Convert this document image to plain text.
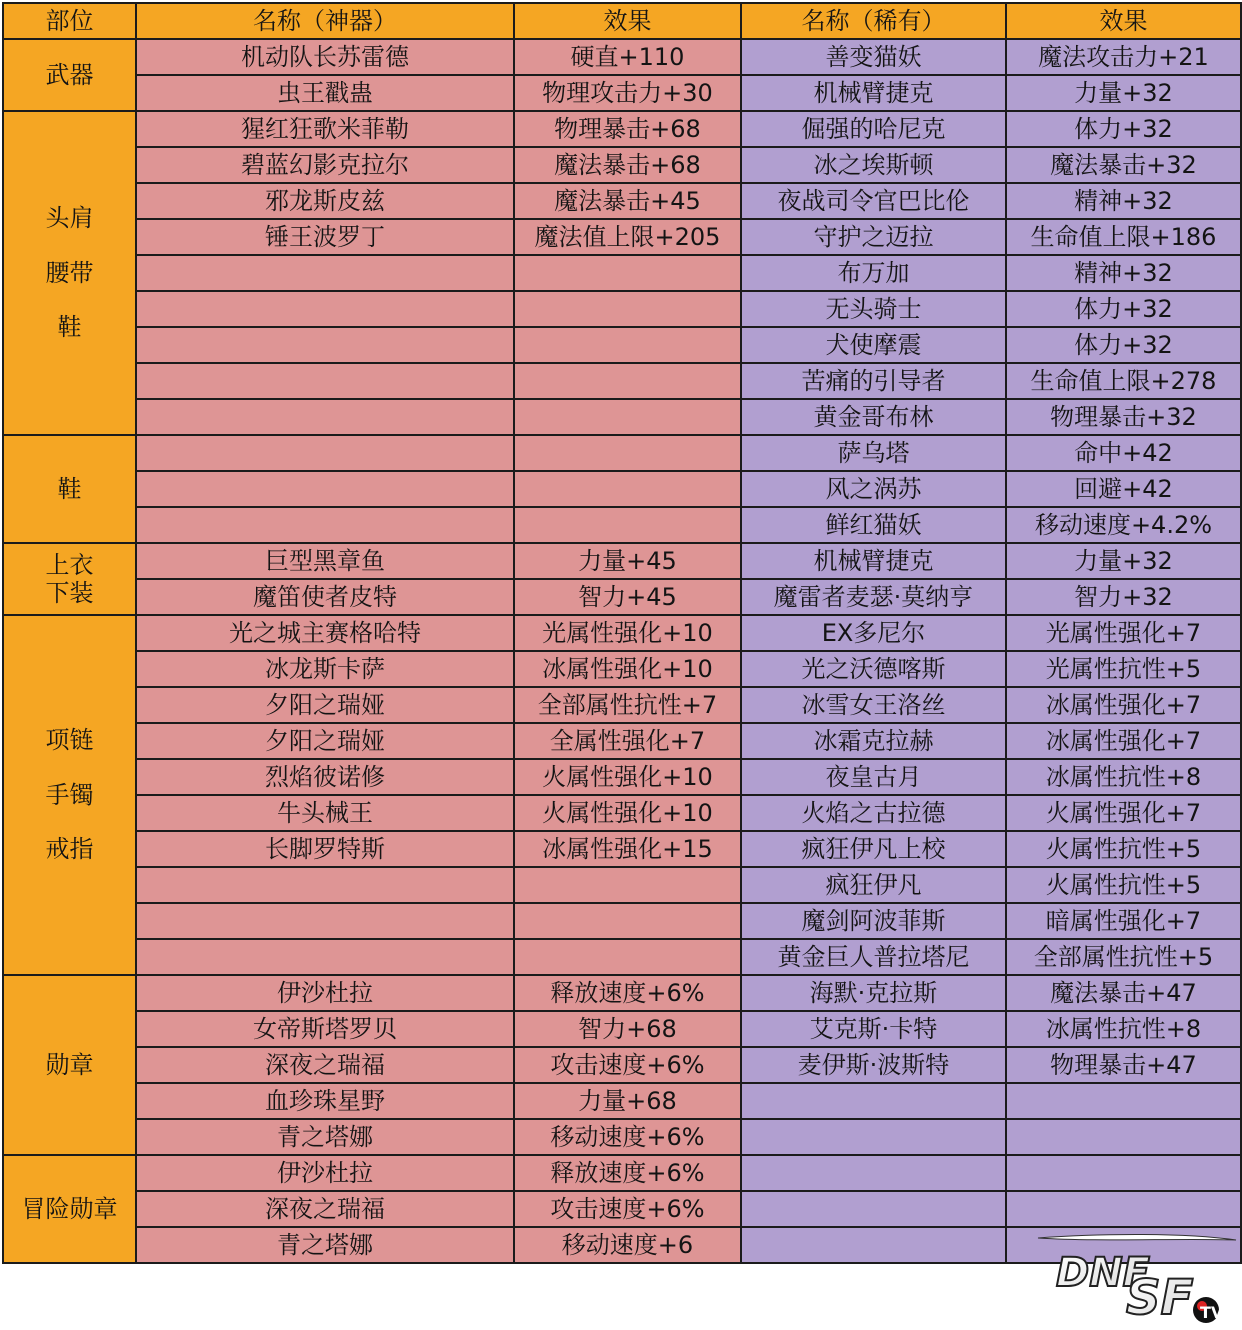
部位	名称（神器）	效果	名称（稀有）	效果

武器	机动队长苏雷德	硬直+110	善变猫妖	魔法攻击力+21
	虫王戳蛊	物理攻击力+30	机械臂捷克	力量+32

头肩
腰带
鞋	猩红狂歌米菲勒	物理暴击+68	倔强的哈尼克	体力+32
	碧蓝幻影克拉尔	魔法暴击+68	冰之埃斯顿	魔法暴击+32
	邪龙斯皮兹	魔法暴击+45	夜战司令官巴比伦	精神+32
	锤王波罗丁	魔法值上限+205	守护之迈拉	生命值上限+186
			布万加	精神+32
			无头骑士	体力+32
			犬使摩震	体力+32
			苦痛的引导者	生命值上限+278
			黄金哥布林	物理暴击+32

鞋			萨乌塔	命中+42
			风之涡苏	回避+42
			鲜红猫妖	移动速度+4.2%

上衣
下装	巨型黑章鱼	力量+45	机械臂捷克	力量+32
	魔笛使者皮特	智力+45	魔雷者麦瑟·莫纳亨	智力+32

项链
手镯
戒指	光之城主赛格哈特	光属性强化+10	EX多尼尔	光属性强化+7
	冰龙斯卡萨	冰属性强化+10	光之沃德喀斯	光属性抗性+5
	夕阳之瑞娅	全部属性抗性+7	冰雪女王洛丝	冰属性强化+7
	夕阳之瑞娅	全属性强化+7	冰霜克拉赫	冰属性强化+7
	烈焰彼诺修	火属性强化+10	夜皇古月	冰属性抗性+8
	牛头械王	火属性强化+10	火焰之古拉德	火属性强化+7
	长脚罗特斯	冰属性强化+15	疯狂伊凡上校	火属性抗性+5
			疯狂伊凡	火属性抗性+5
			魔剑阿波菲斯	暗属性强化+7
			黄金巨人普拉塔尼	全部属性抗性+5

勋章	伊沙杜拉	释放速度+6%	海默·克拉斯	魔法暴击+47
	女帝斯塔罗贝	智力+68	艾克斯·卡特	冰属性抗性+8
	深夜之瑞福	攻击速度+6%	麦伊斯·波斯特	物理暴击+47
	血珍珠星野	力量+68		
	青之塔娜	移动速度+6%		

冒险勋章	伊沙杜拉	释放速度+6%		
	深夜之瑞福	攻击速度+6%		
	青之塔娜	移动速度+6		
DNF
SF TV
